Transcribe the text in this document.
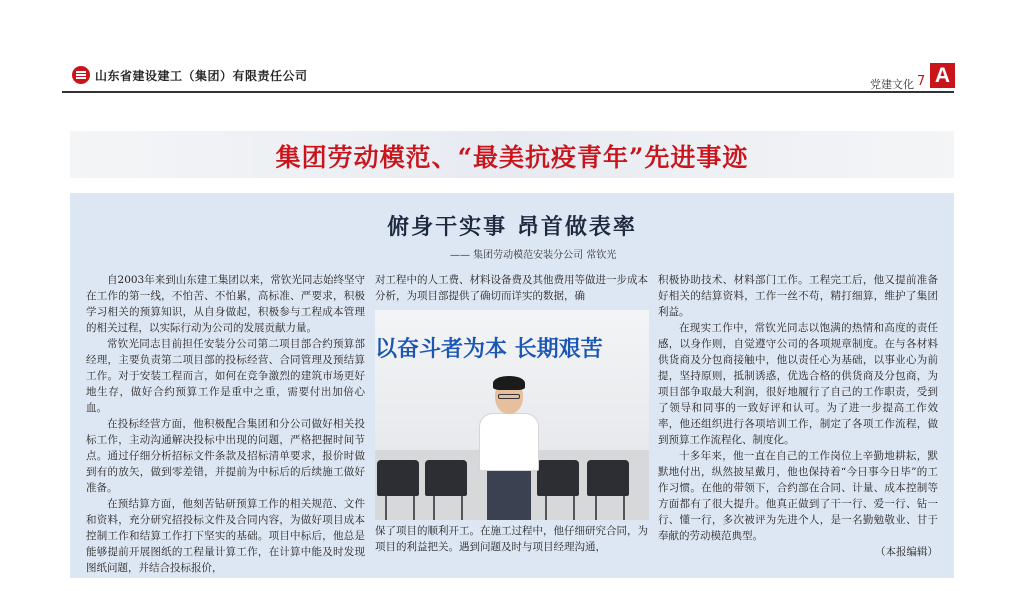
山东省建设建工（集团）有限责任公司
党建文化 7 A
集团劳动模范、“最美抗疫青年”先进事迹
俯身干实事 昂首做表率
—— 集团劳动模范安装分公司 常钦光

自2003年来到山东建工集团以来，常钦光同志始终坚守在工作的第一线，不怕苦、不怕累，高标准、严要求，积极学习相关的预算知识，从自身做起，积极参与工程成本管理的相关过程，以实际行动为公司的发展贡献力量。

常钦光同志目前担任安装分公司第二项目部合约预算部经理，主要负责第二项目部的投标经营、合同管理及预结算工作。对于安装工程而言，如何在竞争激烈的建筑市场更好地生存，做好合约预算工作是重中之重，需要付出加倍心血。

在投标经营方面，他积极配合集团和分公司做好相关投标工作，主动沟通解决投标中出现的问题，严格把握时间节点。通过仔细分析招标文件条款及招标清单要求，报价时做到有的放矢，做到零差错，并提前为中标后的后续施工做好准备。

在预结算方面，他刻苦钻研预算工作的相关规范、文件和资料，充分研究招投标文件及合同内容，为做好项目成本控制工作和结算工作打下坚实的基础。项目中标后，他总是能够提前开展图纸的工程量计算工作，在计算中能及时发现图纸问题，并结合投标报价，

对工程中的人工费、材料设备费及其他费用等做进一步成本分析，为项目部提供了确切而详实的数据，确

以奋斗者为本 长期艰苦

保了项目的顺利开工。在施工过程中，他仔细研究合同，为项目的利益把关。遇到问题及时与项目经理沟通，

积极协助技术、材料部门工作。工程完工后，他又提前准备好相关的结算资料，工作一丝不苟，精打细算，维护了集团利益。

在现实工作中，常钦光同志以饱满的热情和高度的责任感，以身作则，自觉遵守公司的各项规章制度。在与各材料供货商及分包商接触中，他以责任心为基础，以事业心为前提，坚持原则，抵制诱惑，优选合格的供货商及分包商，为项目部争取最大利润，很好地履行了自己的工作职责，受到了领导和同事的一致好评和认可。为了进一步提高工作效率，他还组织进行各项培训工作，制定了各项工作流程，做到预算工作流程化、制度化。

十多年来，他一直在自己的工作岗位上辛勤地耕耘，默默地付出，纵然披星戴月，他也保持着“今日事今日毕”的工作习惯。在他的带领下，合约部在合同、计量、成本控制等方面都有了很大提升。他真正做到了干一行、爱一行、钻一行、懂一行，多次被评为先进个人，是一名勤勉敬业、甘于奉献的劳动模范典型。

（本报编辑）
